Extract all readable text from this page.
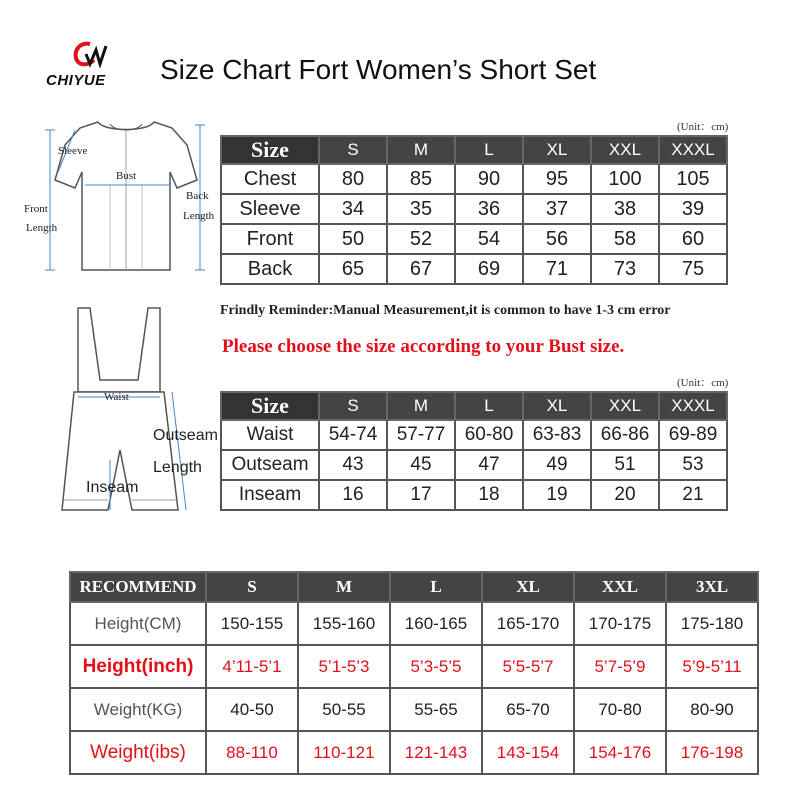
CHIYUE Size Chart Fort Women’s Short Set
Sleeve
Bust
Back
Length
Front
Length
(Unit：cm)
Size	S	M	L	XL	XXL	XXXL
Chest	80	85	90	95	100	105
Sleeve	34	35	36	37	38	39
Front	50	52	54	56	58	60
Back	65	67	69	71	73	75
Frindly Reminder:Manual Measurement,it is common to have 1-3 cm error
Please choose the size according to your Bust size.
Waist
Outseam
Length
Inseam
(Unit：cm)
Size	S	M	L	XL	XXL	XXXL
Waist	54-74	57-77	60-80	63-83	66-86	69-89
Outseam	43	45	47	49	51	53
Inseam	16	17	18	19	20	21
RECOMMEND	S	M	L	XL	XXL	3XL
Height(CM)	150-155	155-160	160-165	165-170	170-175	175-180
Height(inch)	4’11-5’1	5’1-5’3	5’3-5’5	5’5-5’7	5’7-5’9	5’9-5’11
Weight(KG)	40-50	50-55	55-65	65-70	70-80	80-90
Weight(ibs)	88-110	110-121	121-143	143-154	154-176	176-198
